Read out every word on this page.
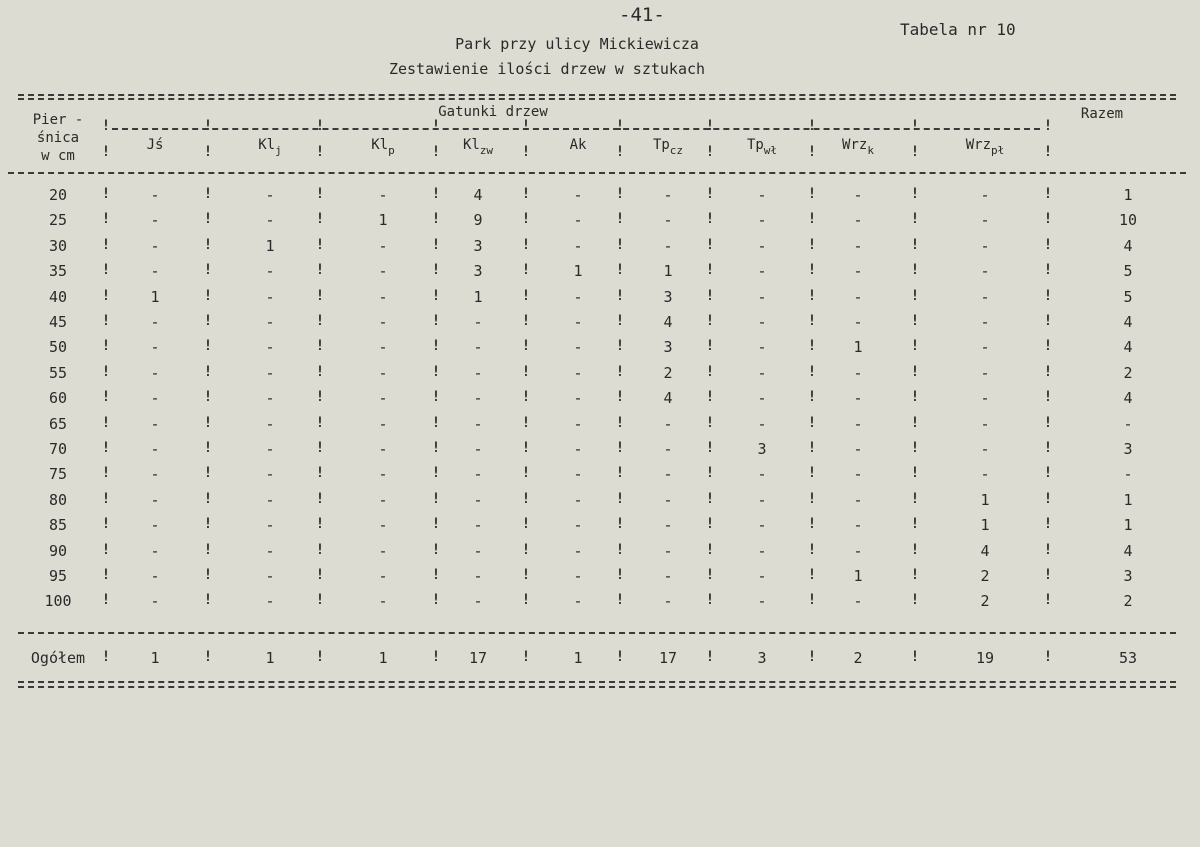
-41-
Tabela nr 10
Park przy ulicy Mickiewicza
Zestawienie ilości drzew w sztukach
Pier -
śnica
w cm
Gatunki drzew	Razem
Jś	$Kl_j$	$Kl_p$	$Kl_{zw}$	Ak	$Tp_{cz}$	$Tp_{wł}$	Wrz$_k$	Wrz$_{pł}$
!	!	!	!	!	!	!	!	!	!
!	!	!	!	!	!	!	!	!	!
20	-	-	-	4	-	-	-	-	-	1
!	!	!	!	!	!	!	!	!	!
25	-	-	1	9	-	-	-	-	-	10
!	!	!	!	!	!	!	!	!	!
30	-	1	-	3	-	-	-	-	-	4
!	!	!	!	!	!	!	!	!	!
35	-	-	-	3	1	1	-	-	-	5
!	!	!	!	!	!	!	!	!	!
40	1	-	-	1	-	3	-	-	-	5
!	!	!	!	!	!	!	!	!	!
45	-	-	-	-	-	4	-	-	-	4
!	!	!	!	!	!	!	!	!	!
50	-	-	-	-	-	3	-	1	-	4
!	!	!	!	!	!	!	!	!	!
55	-	-	-	-	-	2	-	-	-	2
!	!	!	!	!	!	!	!	!	!
60	-	-	-	-	-	4	-	-	-	4
!	!	!	!	!	!	!	!	!	!
65	-	-	-	-	-	-	-	-	-	-
!	!	!	!	!	!	!	!	!	!
70	-	-	-	-	-	-	3	-	-	3
!	!	!	!	!	!	!	!	!	!
75	-	-	-	-	-	-	-	-	-	-
!	!	!	!	!	!	!	!	!	!
80	-	-	-	-	-	-	-	-	1	1
!	!	!	!	!	!	!	!	!	!
85	-	-	-	-	-	-	-	-	1	1
!	!	!	!	!	!	!	!	!	!
90	-	-	-	-	-	-	-	-	4	4
!	!	!	!	!	!	!	!	!	!
95	-	-	-	-	-	-	-	1	2	3
!	!	!	!	!	!	!	!	!	!
100	-	-	-	-	-	-	-	-	2	2
!	!	!	!	!	!	!	!	!	!
Ogółem	1	1	1	17	1	17	3	2	19	53
!	!	!	!	!	!	!	!	!	!
